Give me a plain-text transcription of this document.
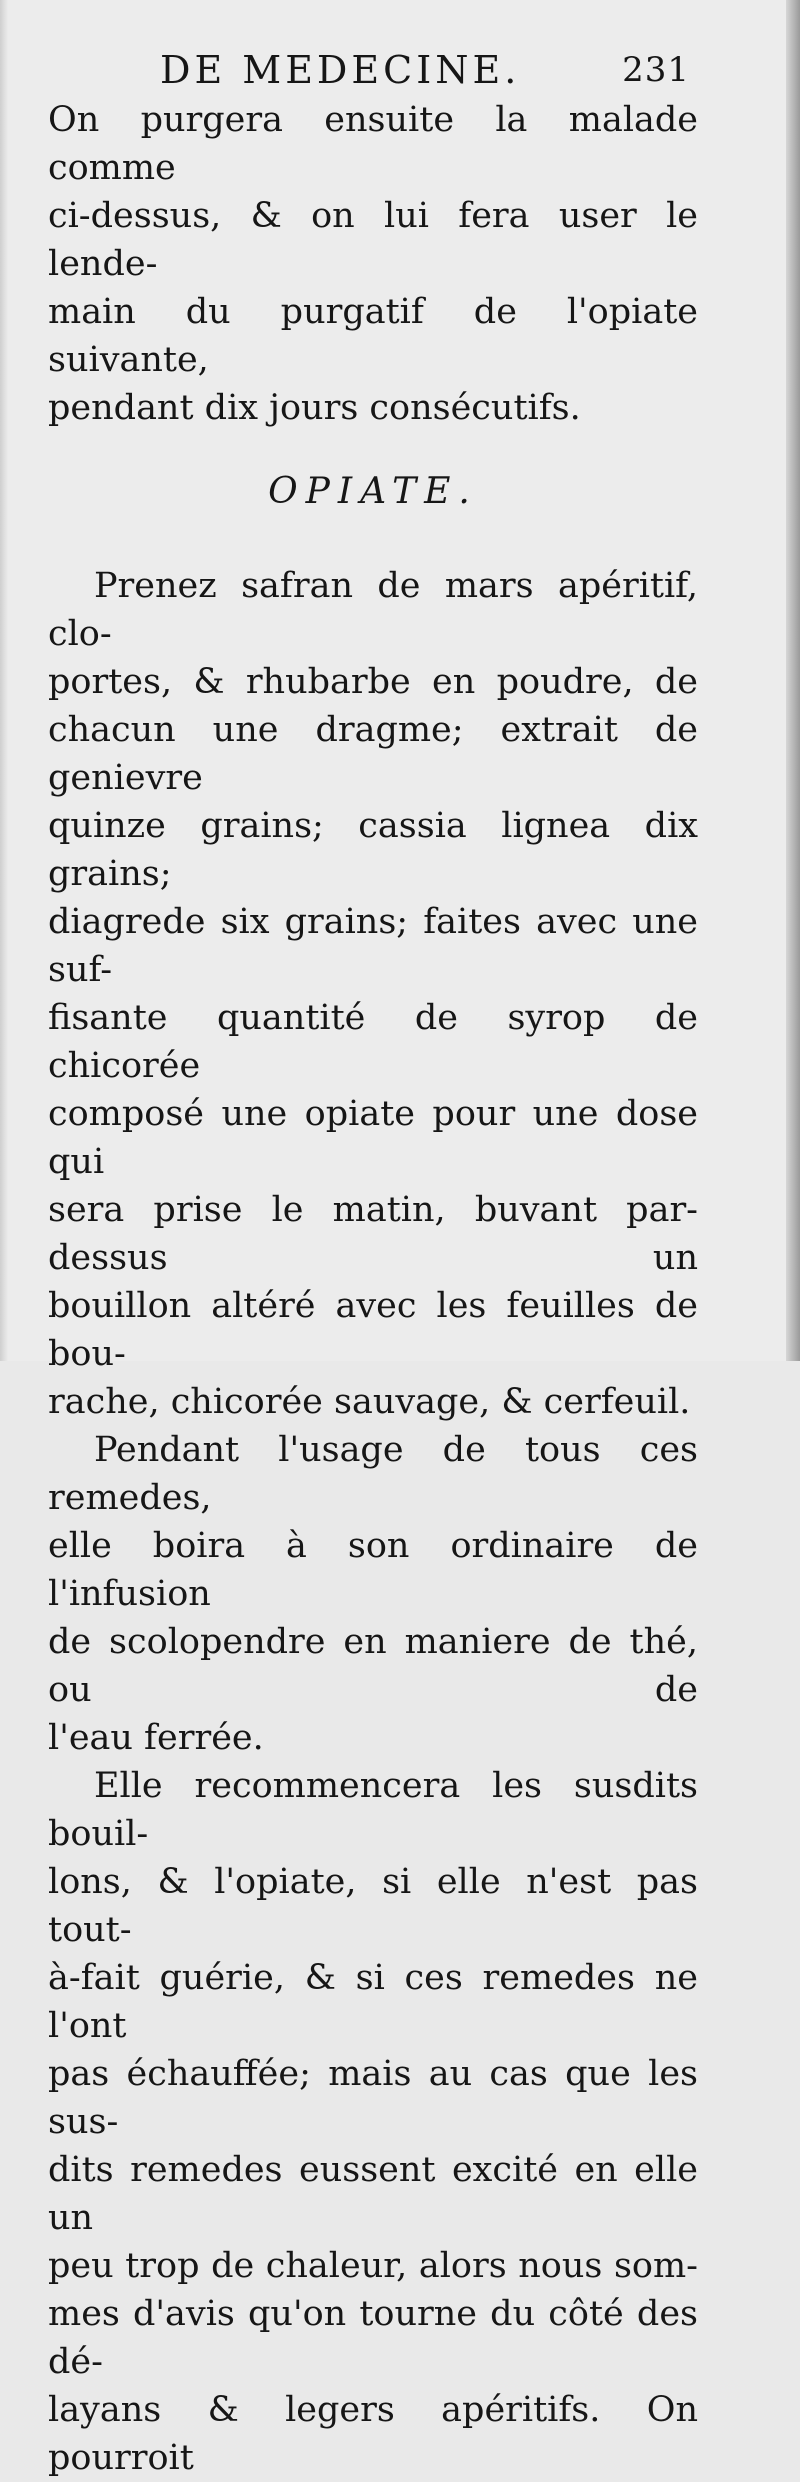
DE MEDECINE.	231

On purgera ensuite la malade comme

ci-dessus, & on lui fera user le lende-

main du purgatif de l'opiate suivante,

pendant dix jours consécutifs.

OPIATE.

Prenez safran de mars apéritif, clo-

portes, & rhubarbe en poudre, de

chacun une dragme; extrait de genievre

quinze grains; cassia lignea dix grains;

diagrede six grains; faites avec une suf-

fisante quantité de syrop de chicorée

composé une opiate pour une dose qui

sera prise le matin, buvant par-dessus un

bouillon altéré avec les feuilles de bou-

rache, chicorée sauvage, & cerfeuil.

Pendant l'usage de tous ces remedes,

elle boira à son ordinaire de l'infusion

de scolopendre en maniere de thé, ou de

l'eau ferrée.

Elle recommencera les susdits bouil-

lons, & l'opiate, si elle n'est pas tout-

à-fait guérie, & si ces remedes ne l'ont

pas échauffée; mais au cas que les sus-

dits remedes eussent excité en elle un

peu trop de chaleur, alors nous som-

mes d'avis qu'on tourne du côté des dé-

layans & legers apéritifs. On pourroit
